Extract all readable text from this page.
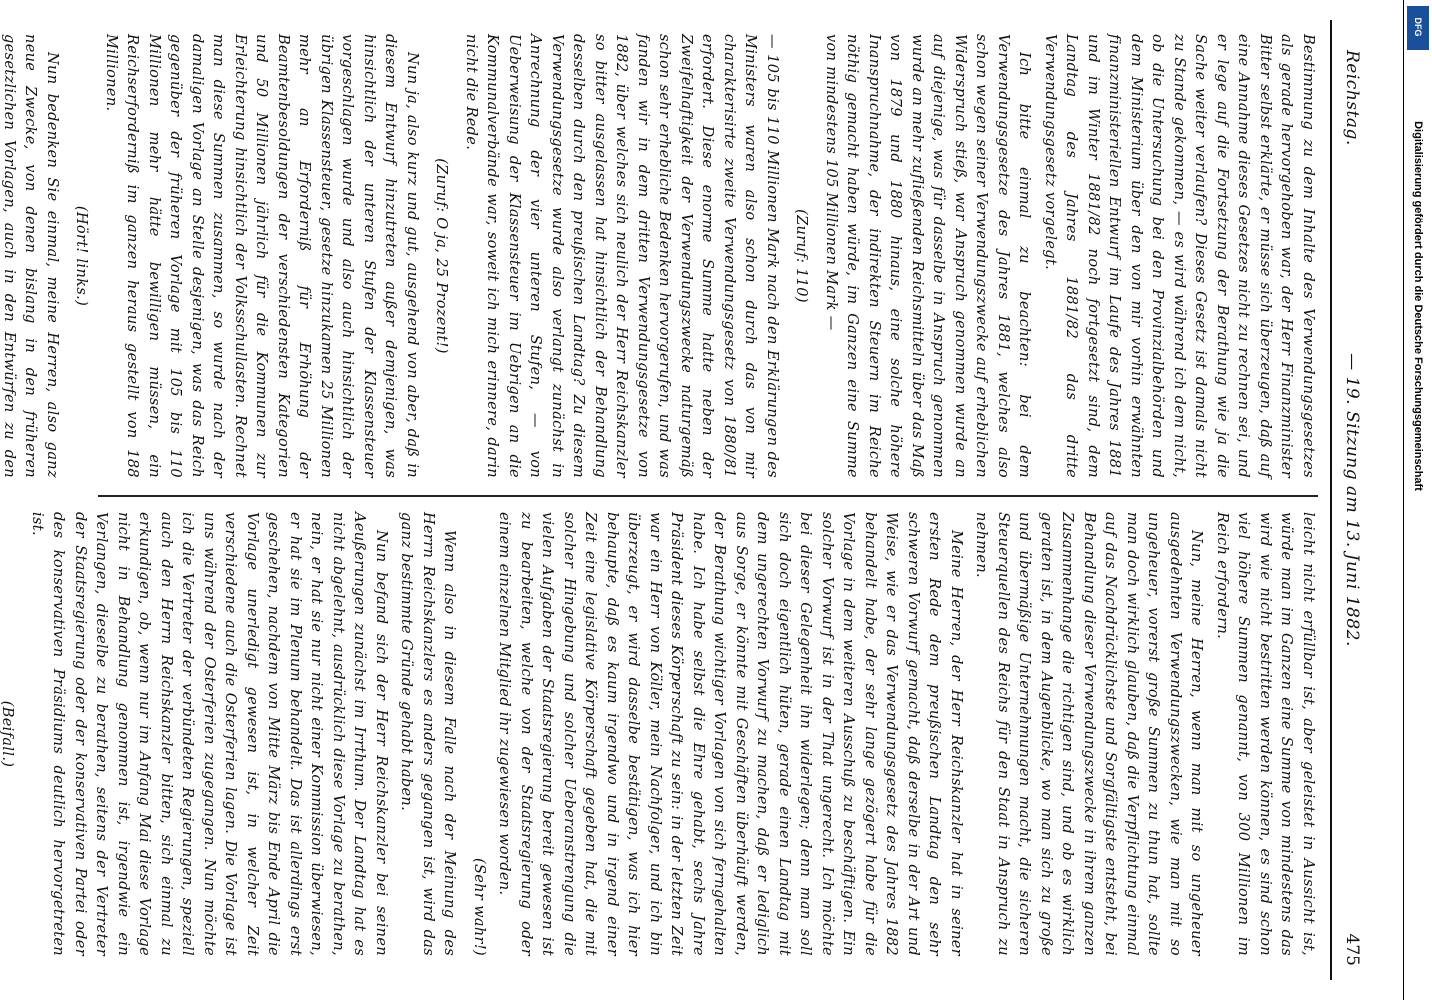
Reichstag.
— 19. Sitzung am 13. Juni 1882.
475

Bestimmung zu dem Inhalte des Verwendungsgesetzes als gerade hervorgehoben war, der Herr Finanzminister Bitter selbst erklärte, er müsse sich überzeugen, daß auf eine Annahme dieses Gesetzes nicht zu rechnen sei, und er lege auf die Fortsetzung der Berathung wie ja die Sache weiter verlaufen? Dieses Gesetz ist damals nicht zu Stande gekommen, — es wird während ich dem nicht, ob die Untersuchung bei den Provinzialbehörden und dem Ministerium über den von mir vorhin erwähnten finanzministeriellen Entwurf im Laufe des Jahres 1881 und im Winter 1881/82 noch fortgesetzt sind, dem Landtag des Jahres 1881/82 das dritte Verwendungsgesetz vorgelegt.

Ich bitte einmal zu beachten: bei dem Verwendungsgesetze des Jahres 1881, welches also schon wegen seiner Verwendungszwecke auf erheblichen Widerspruch stieß, war Anspruch genommen wurde an auf diejenige, was für dasselbe in Anspruch genommen wurde an mehr zufließenden Reichsmitteln über das Maß von 1879 und 1880 hinaus, eine solche höhere Inanspruchnahme, der indirekten Steuern im Reiche nöthig gemacht haben würde, im Ganzen eine Summe von mindestens 105 Millionen Mark —

(Zuruf: 110)

— 105 bis 110 Millionen Mark nach den Erklärungen des Ministers waren also schon durch das von mir charakterisirte zweite Verwendungsgesetz von 1880/81 erfordert. Diese enorme Summe hatte neben der Zweifelhaftigkeit der Verwendungszwecke naturgemäß schon sehr erhebliche Bedenken hervorgerufen, und was fanden wir in dem dritten Verwendungsgesetze von 1882, über welches sich neulich der Herr Reichskanzler so bitter ausgelassen hat hinsichtlich der Behandlung desselben durch den preußischen Landtag? Zu diesem Verwendungsgesetze wurde also verlangt zunächst in Anrechnung der vier unteren Stufen, — von Ueberweisung der Klassensteuer im Uebrigen an die Kommunalverbände war, soweit ich mich erinnere, darin nicht die Rede.

(Zuruf: O ja, 25 Prozent!)

Nun ja, also kurz und gut, ausgehend von aber, daß in diesem Entwurf hinzutreten außer demjenigen, was hinsichtlich der unteren Stufen der Klassensteuer vorgeschlagen wurde und also auch hinsichtlich der übrigen Klassensteuer, gesetze hinzukamen 25 Millionen mehr an Erforderniß für Erhöhung der Beamtenbesoldungen der verschiedensten Kategorien und 50 Millionen jährlich für die Kommunen zur Erleichterung hinsichtlich der Volksschullasten. Rechnet man diese Summen zusammen, so wurde nach der damaligen Vorlage an Stelle desjenigen, was das Reich gegenüber der früheren Vorlage mit 105 bis 110 Millionen mehr hätte bewilligen müssen, ein Reichserforderniß im ganzen heraus gestellt von 188 Millionen.

(Hört! links.)

Nun bedenken Sie einmal, meine Herren, also ganz neue Zwecke, von denen bislang in den früheren gesetzlichen Vorlagen, auch in den Entwürfen zu den

leicht nicht erfüllbar ist, aber geleistet in Aussicht ist, würde man im Ganzen eine Summe von mindestens das wird wie nicht bestritten werden können, es sind schon viel höhere Summen genannt, von 300 Millionen im Reich erfordern.

Nun, meine Herren, wenn man mit so ungeheuer ausgedehnten Verwendungszwecken, wie man mit so ungeheuer, vorerst große Summen zu thun hat, sollte man doch wirklich glauben, daß die Verpflichtung einmal auf das Nachdrücklichste und Sorgfältigste entsteht, bei Behandlung dieser Verwendungszwecke in ihrem ganzen Zusammenhange die richtigen sind, und ob es wirklich geraten ist, in dem Augenblicke, wo man sich zu große und übermäßige Unternehmungen macht, die sicheren Steuerquellen des Reichs für den Staat in Anspruch zu nehmen.

Meine Herren, der Herr Reichskanzler hat in seiner ersten Rede dem preußischen Landtag den sehr schweren Vorwurf gemacht, daß derselbe in der Art und Weise, wie er das Verwendungsgesetz des Jahres 1882 behandelt habe, der sehr lange gezögert habe für die Vorlage in dem weiteren Ausschuß zu beschäftigen. Ein solcher Vorwurf ist in der That ungerecht. Ich möchte bei dieser Gelegenheit ihn widerlegen; denn man soll sich doch eigentlich hüten, gerade einen Landtag mit dem ungerechten Vorwurf zu machen, daß er lediglich aus Sorge, er könnte mit Geschäften überhäuft werden, der Berathung wichtiger Vorlagen von sich ferngehalten habe. Ich habe selbst die Ehre gehabt, sechs Jahre Präsident dieses Körperschaft zu sein: in der letzten Zeit war ein Herr von Köller, mein Nachfolger, und ich bin überzeugt, er wird dasselbe bestätigen, was ich hier behaupte, daß es kaum irgendwo und in irgend einer Zeit eine legislative Körperschaft gegeben hat, die mit solcher Hingebung und solcher Ueberanstrengung die vielen Aufgaben der Staatsregierung bereit gewesen ist zu bearbeiten, welche von der Staatsregierung oder einem einzelnen Mitglied ihr zugewiesen worden.

(Sehr wahr!)

Wenn also in diesem Falle nach der Meinung des Herrn Reichskanzlers es anders gegangen ist, wird das ganz bestimmte Gründe gehabt haben.

Nun befand sich der Herr Reichskanzler bei seinen Aeußerungen zunächst im Irrthum. Der Landtag hat es nicht abgelehnt, ausdrücklich diese Vorlage zu berathen, nein, er hat sie nur nicht einer Kommission überwiesen, er hat sie im Plenum behandelt. Das ist allerdings erst geschehen, nachdem von Mitte März bis Ende April die Vorlage unerledigt gewesen ist, in welcher Zeit verschiedene auch die Osterferien lagen. Die Vorlage ist uns während der Osterferien zugegangen. Nun möchte ich die Vertreter der verbündeten Regierungen, speziell auch den Herrn Reichskanzler bitten, sich einmal zu erkundigen, ob, wenn nur im Anfang Mai diese Vorlage nicht in Behandlung genommen ist, irgendwie ein Verlangen, dieselbe zu berathen, seitens der Vertreter der Staatsregierung oder der konservativen Partei oder des konservativen Präsidiums deutlich hervorgetreten ist.

(Beifall.)

Digitalisierung gefördert durch die Deutsche Forschungsgemeinschaft
DFG
